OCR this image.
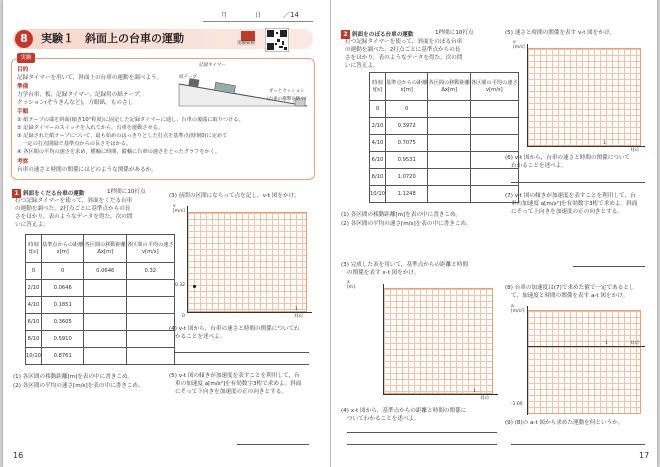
月	日	／14
8	実験１　斜面上の台車の運動	実験動画
実験
目的
記録タイマーを用いて，斜面上の台車の運動を調べよう。
準備
力学台車，板，記録タイマー，記録用の紙テープ，
クッション(ぞうきんなど)，方眼紙，ものさし
手順
① 紙テープの端を斜面(傾き10°程度)に固定した記録タイマーに通し，台車の後端に取りつける。
② 記録タイマーのスイッチを入れてから，台車を運動させる。
③ 記録された紙テープについて，最も始めのはっきりとした打点を基準点(時刻0)に定めて
　一定の打点間隔で基準点からの長さをはかる。
④ 各区間の平均の速さを求め，横軸に時間，縦軸に台車の速さをとったグラフをかく。
考察
台車の速さと時間の関係にはどのような関係があるか。
記録タイマー
紙テープ
ずっとクッション
(台車の衝撃を防ぐ)
1 斜面をくだる台車の運動	1秒間に10打点
打つ記録タイマーを使って，斜面をくだる台車
の運動を調べた。2打点ごとに基準点からの長
さをはかり，表のようなデータを得た。次の問
いに答えよ。
時刻
t[s]	基準点からの距離
x[m]	各区間の移動距離
Δx[m]	各区間の平均の速さ
v[m/s]
0	0	0.0646	0.32
2/10	0.0646		
4/10	0.1851		
6/10	0.3605		
8/10	0.5910		
10/10	0.8761		
(1) 各区間の移動距離[m]を表の中に書きこめ。
(2) 各区間の平均の速さ[m/s]を表の中に書きこめ。
(3) 前問の区間にならって点を記し，v-t 図をかけ。
v
[m/s]
t[s]
0
1
0.32
(4) v-t 図から，台車の速さと時間の関係についてわ
かることを述べよ。
(5) v-t 図の傾きが加速度を表すことを利用して，台
車の加速度 a[m/s²]を有効数字3桁で求めよ。斜面
にそって下向きを加速度の正の向きとする。
16
2 斜面をのぼる台車の運動	1秒間に10打点
打つ記録タイマーを使って，斜面をのぼる台車
の運動を調べた。2打点ごとに基準点からの長
さをはかり，表のようなデータを得た。次の問
いに答えよ。
時刻
t[s]	基準点からの距離
x[m]	各区間の移動距離
Δx[m]	各区間の平均の速さ
v[m/s]
0	0		
2/10	0.3972		
4/10	0.7075		
6/10	0.9531		
8/10	1.0720		
10/10	1.1248		
(1) 各区間の移動距離[m]を表の中に書きこめ。
(2) 各区間の平均の速さ[m/s]を表の中に書きこめ。
(3) 完成した表を用いて，基準点からの距離と時間
の関係を表す x-t 図をかけ。
x
[m]
t[s]
1
(4) x-t 図から，基準点からの距離と時間の関係に
ついてわかることを述べよ。
(5) 速さと時間の関係を表す v-t 図をかけ。
v
[m/s]
t[s]
1
(6) v-t 図から，台車の速さと時間の関係について
わかることを述べよ。
(7) v-t 図の傾きが加速度を表すことを利用して，台
車の加速度 a[m/s²]を有効数字3桁で求めよ。斜面
にそって上向きを加速度の正の向きとする。
(8) 台車の加速度は(7)で求めた値で一定であるとし
て，加速度と時間の関係を表す a-t 図をかけ。
a
[m/s²]
t[s]
1
-1.00
(9) (8)の a-t 図から求めた運動を何というか。
17
